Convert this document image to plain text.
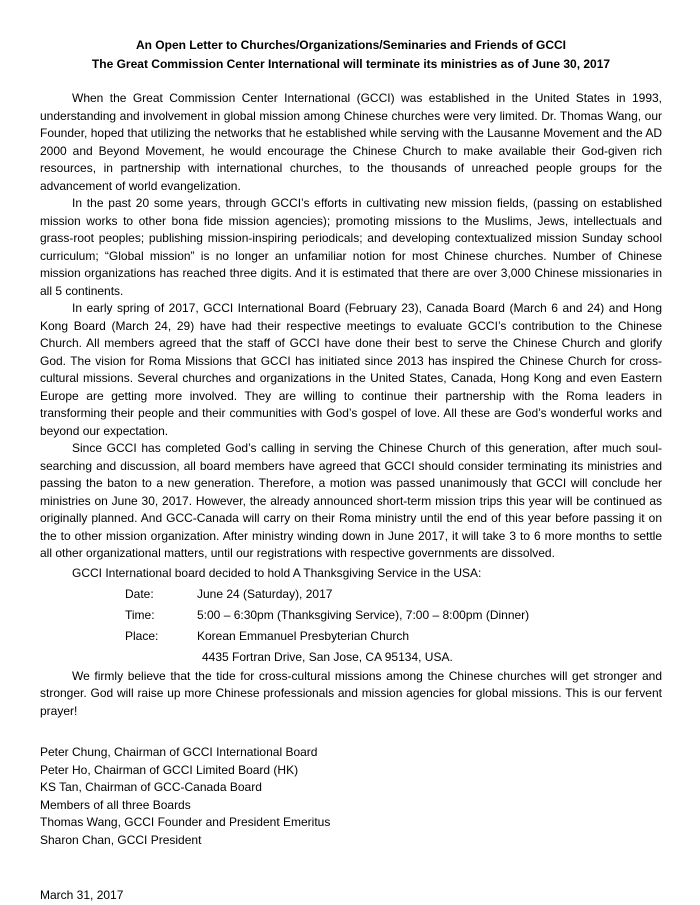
An Open Letter to Churches/Organizations/Seminaries and Friends of GCCI
The Great Commission Center International will terminate its ministries as of June 30, 2017

When the Great Commission Center International (GCCI) was established in the United States in 1993, understanding and involvement in global mission among Chinese churches were very limited. Dr. Thomas Wang, our Founder, hoped that utilizing the networks that he established while serving with the Lausanne Movement and the AD 2000 and Beyond Movement, he would encourage the Chinese Church to make available their God-given rich resources, in partnership with international churches, to the thousands of unreached people groups for the advancement of world evangelization.

In the past 20 some years, through GCCI’s efforts in cultivating new mission fields, (passing on established mission works to other bona fide mission agencies); promoting missions to the Muslims, Jews, intellectuals and grass-root peoples; publishing mission-inspiring periodicals; and developing contextualized mission Sunday school curriculum; “Global mission” is no longer an unfamiliar notion for most Chinese churches. Number of Chinese mission organizations has reached three digits. And it is estimated that there are over 3,000 Chinese missionaries in all 5 continents.

In early spring of 2017, GCCI International Board (February 23), Canada Board (March 6 and 24) and Hong Kong Board (March 24, 29) have had their respective meetings to evaluate GCCI’s contribution to the Chinese Church. All members agreed that the staff of GCCI have done their best to serve the Chinese Church and glorify God. The vision for Roma Missions that GCCI has initiated since 2013 has inspired the Chinese Church for cross-cultural missions. Several churches and organizations in the United States, Canada, Hong Kong and even Eastern Europe are getting more involved. They are willing to continue their partnership with the Roma leaders in transforming their people and their communities with God’s gospel of love. All these are God’s wonderful works and beyond our expectation.

Since GCCI has completed God’s calling in serving the Chinese Church of this generation, after much soul-searching and discussion, all board members have agreed that GCCI should consider terminating its ministries and passing the baton to a new generation. Therefore, a motion was passed unanimously that GCCI will conclude her ministries on June 30, 2017. However, the already announced short-term mission trips this year will be continued as originally planned. And GCC-Canada will carry on their Roma ministry until the end of this year before passing it on the to other mission organization. After ministry winding down in June 2017, it will take 3 to 6 more months to settle all other organizational matters, until our registrations with respective governments are dissolved.

GCCI International board decided to hold A Thanksgiving Service in the USA:

Date:	June 24 (Saturday), 2017
Time:	5:00 – 6:30pm (Thanksgiving Service), 7:00 – 8:00pm (Dinner)
Place:	Korean Emmanuel Presbyterian Church
4435 Fortran Drive, San Jose, CA 95134, USA.

We firmly believe that the tide for cross-cultural missions among the Chinese churches will get stronger and stronger. God will raise up more Chinese professionals and mission agencies for global missions. This is our fervent prayer!

Peter Chung, Chairman of GCCI International Board
Peter Ho, Chairman of GCCI Limited Board (HK)
KS Tan, Chairman of GCC-Canada Board
Members of all three Boards
Thomas Wang, GCCI Founder and President Emeritus
Sharon Chan, GCCI President
March 31, 2017
